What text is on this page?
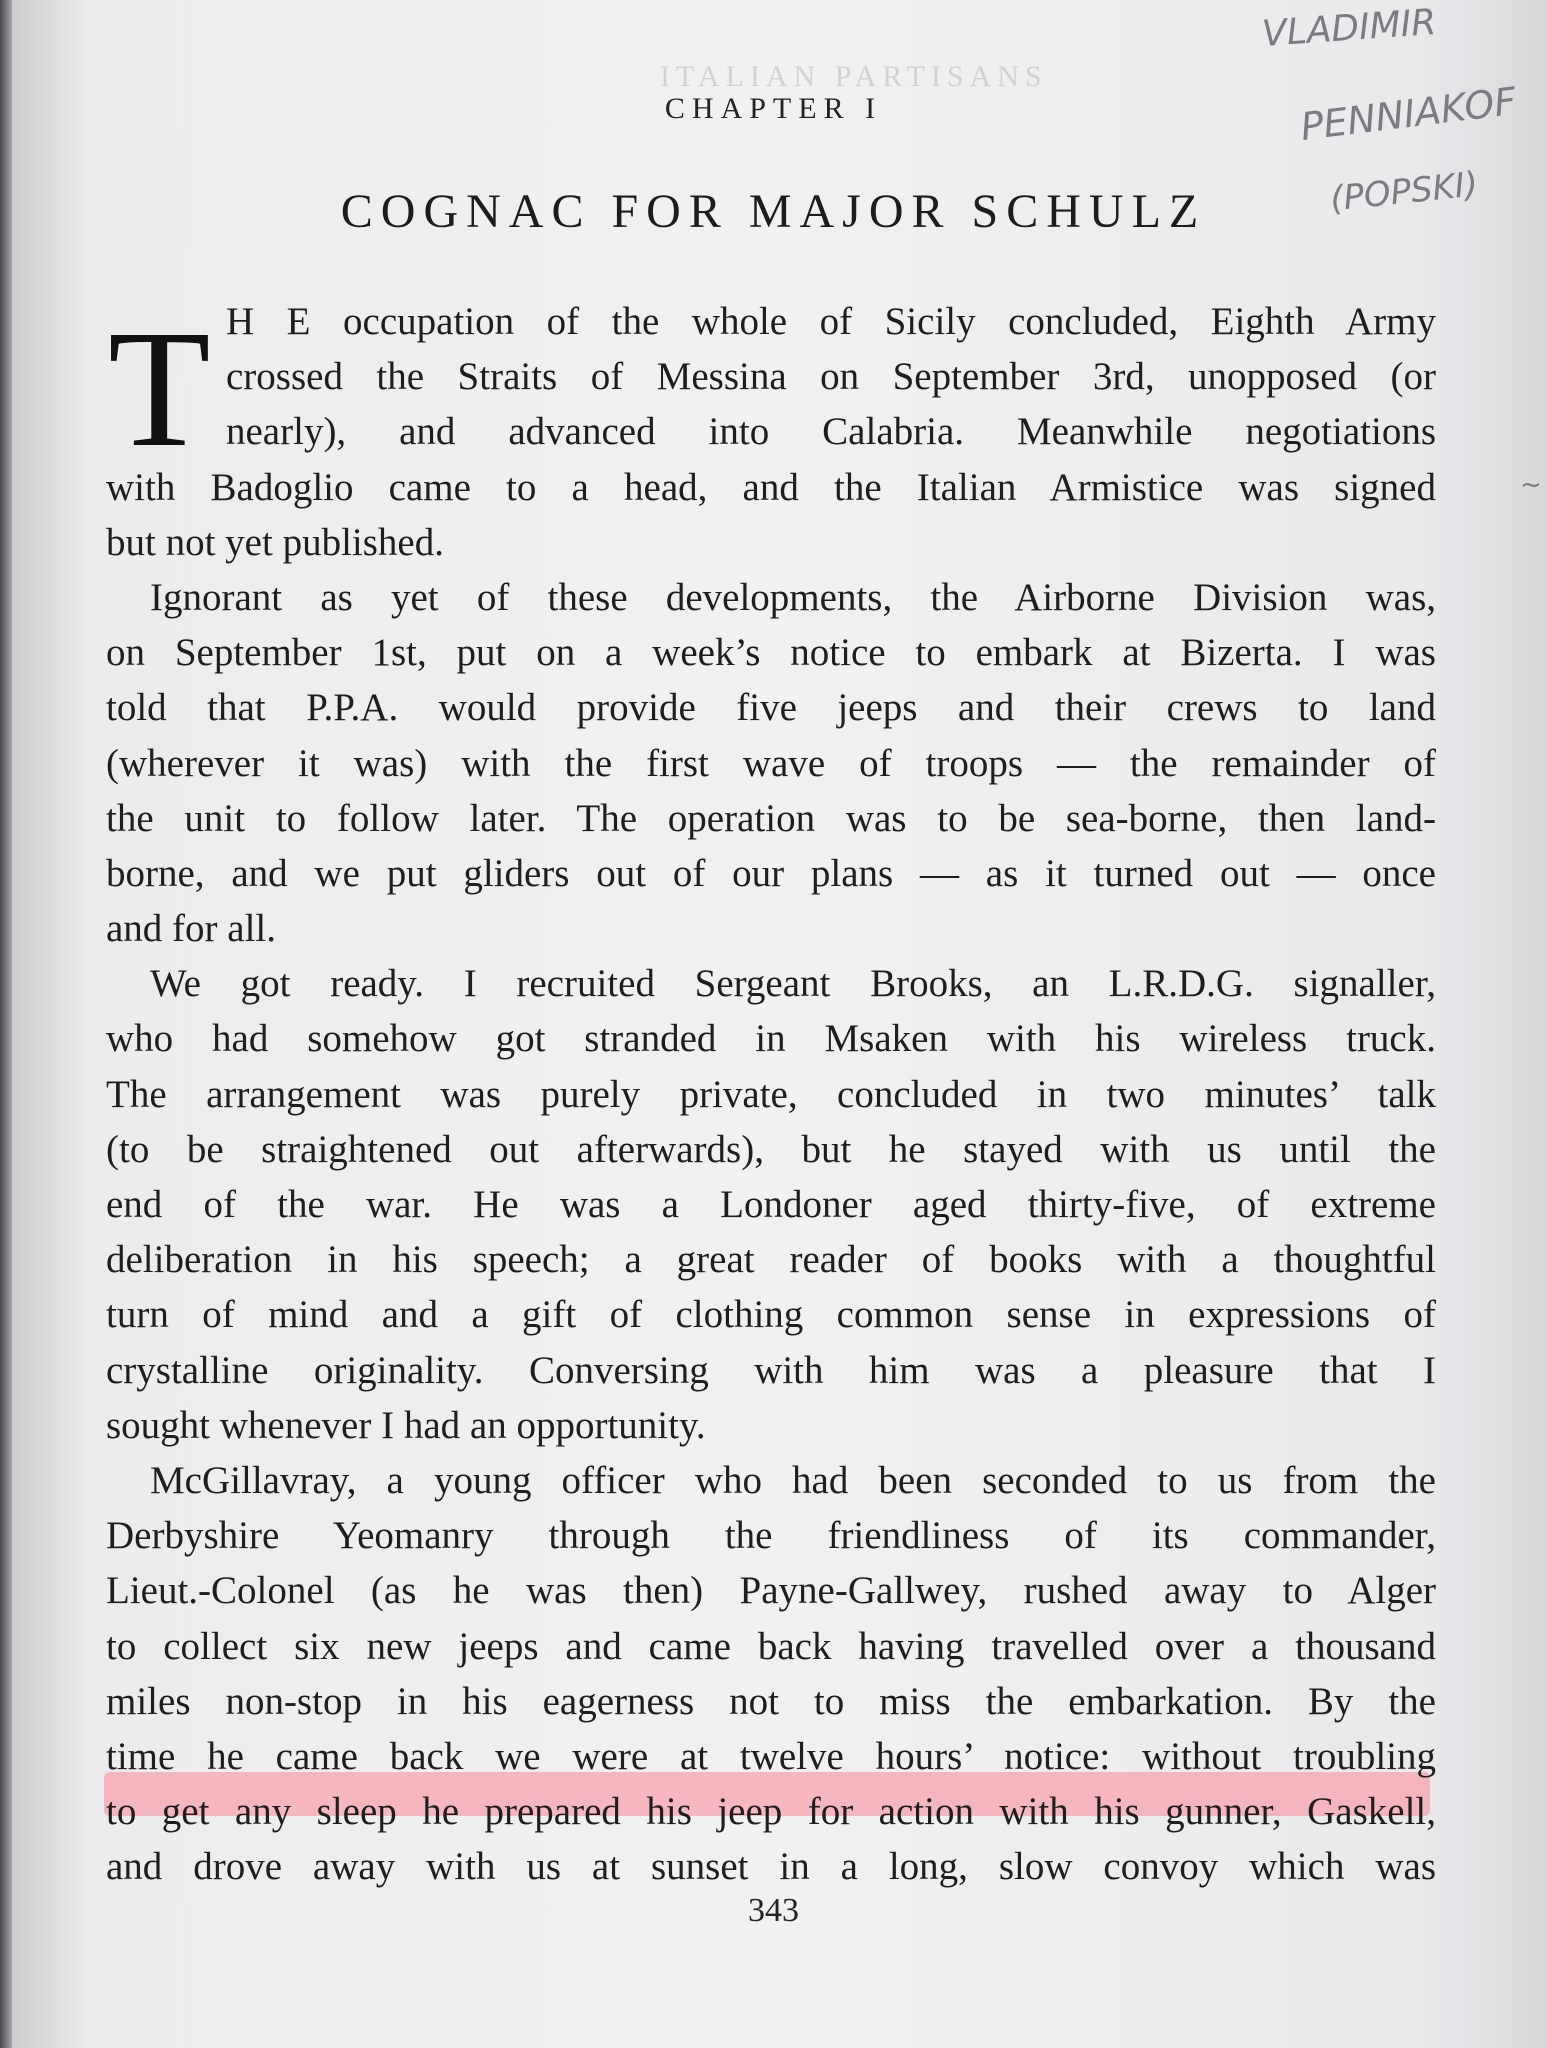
ITALIAN PARTISANS
CHAPTER I
COGNAC FOR MAJOR SCHULZ
VLADIMIR
PENNIAKOF
(POPSKI)
T H E occupation of the whole of Sicily concluded, Eighth Army
crossed the Straits of Messina on September 3rd, unopposed (or
nearly), and advanced into Calabria. Meanwhile negotiations
with Badoglio came to a head, and the Italian Armistice was signed
but not yet published.
Ignorant as yet of these developments, the Airborne Division was,
on September 1st, put on a week’s notice to embark at Bizerta. I was
told that P.P.A. would provide five jeeps and their crews to land
(wherever it was) with the first wave of troops — the remainder of
the unit to follow later. The operation was to be sea-borne, then land-
borne, and we put gliders out of our plans — as it turned out — once
and for all.
We got ready. I recruited Sergeant Brooks, an L.R.D.G. signaller,
who had somehow got stranded in Msaken with his wireless truck.
The arrangement was purely private, concluded in two minutes’ talk
(to be straightened out afterwards), but he stayed with us until the
end of the war. He was a Londoner aged thirty-five, of extreme
deliberation in his speech; a great reader of books with a thoughtful
turn of mind and a gift of clothing common sense in expressions of
crystalline originality. Conversing with him was a pleasure that I
sought whenever I had an opportunity.
McGillavray, a young officer who had been seconded to us from the
Derbyshire Yeomanry through the friendliness of its commander,
Lieut.-Colonel (as he was then) Payne-Gallwey, rushed away to Alger
to collect six new jeeps and came back having travelled over a thousand
miles non-stop in his eagerness not to miss the embarkation. By the
time he came back we were at twelve hours’ notice: without troubling
to get any sleep he prepared his jeep for action with his gunner, Gaskell,
and drove away with us at sunset in a long, slow convoy which was
~
343
